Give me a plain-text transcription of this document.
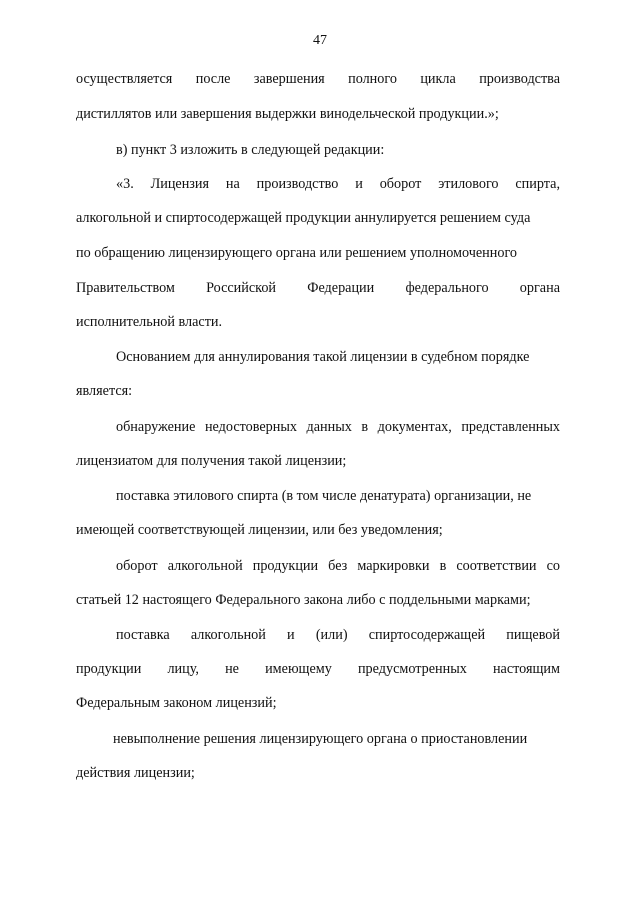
47
осуществляется после завершения полного цикла производства
дистиллятов или завершения выдержки винодельческой продукции.»;
в) пункт 3 изложить в следующей редакции:
«3. Лицензия на производство и оборот этилового спирта,
алкогольной и спиртосодержащей продукции аннулируется решением суда
по обращению лицензирующего органа или решением уполномоченного
Правительством Российской Федерации федерального органа
исполнительной власти.
Основанием для аннулирования такой лицензии в судебном порядке
является:
обнаружение недостоверных данных в документах, представленных
лицензиатом для получения такой лицензии;
поставка этилового спирта (в том числе денатурата) организации, не
имеющей соответствующей лицензии, или без уведомления;
оборот алкогольной продукции без маркировки в соответствии со
статьей 12 настоящего Федерального закона либо с поддельными марками;
поставка алкогольной и (или) спиртосодержащей пищевой
продукции лицу, не имеющему предусмотренных настоящим
Федеральным законом лицензий;
невыполнение решения лицензирующего органа о приостановлении
действия лицензии;
